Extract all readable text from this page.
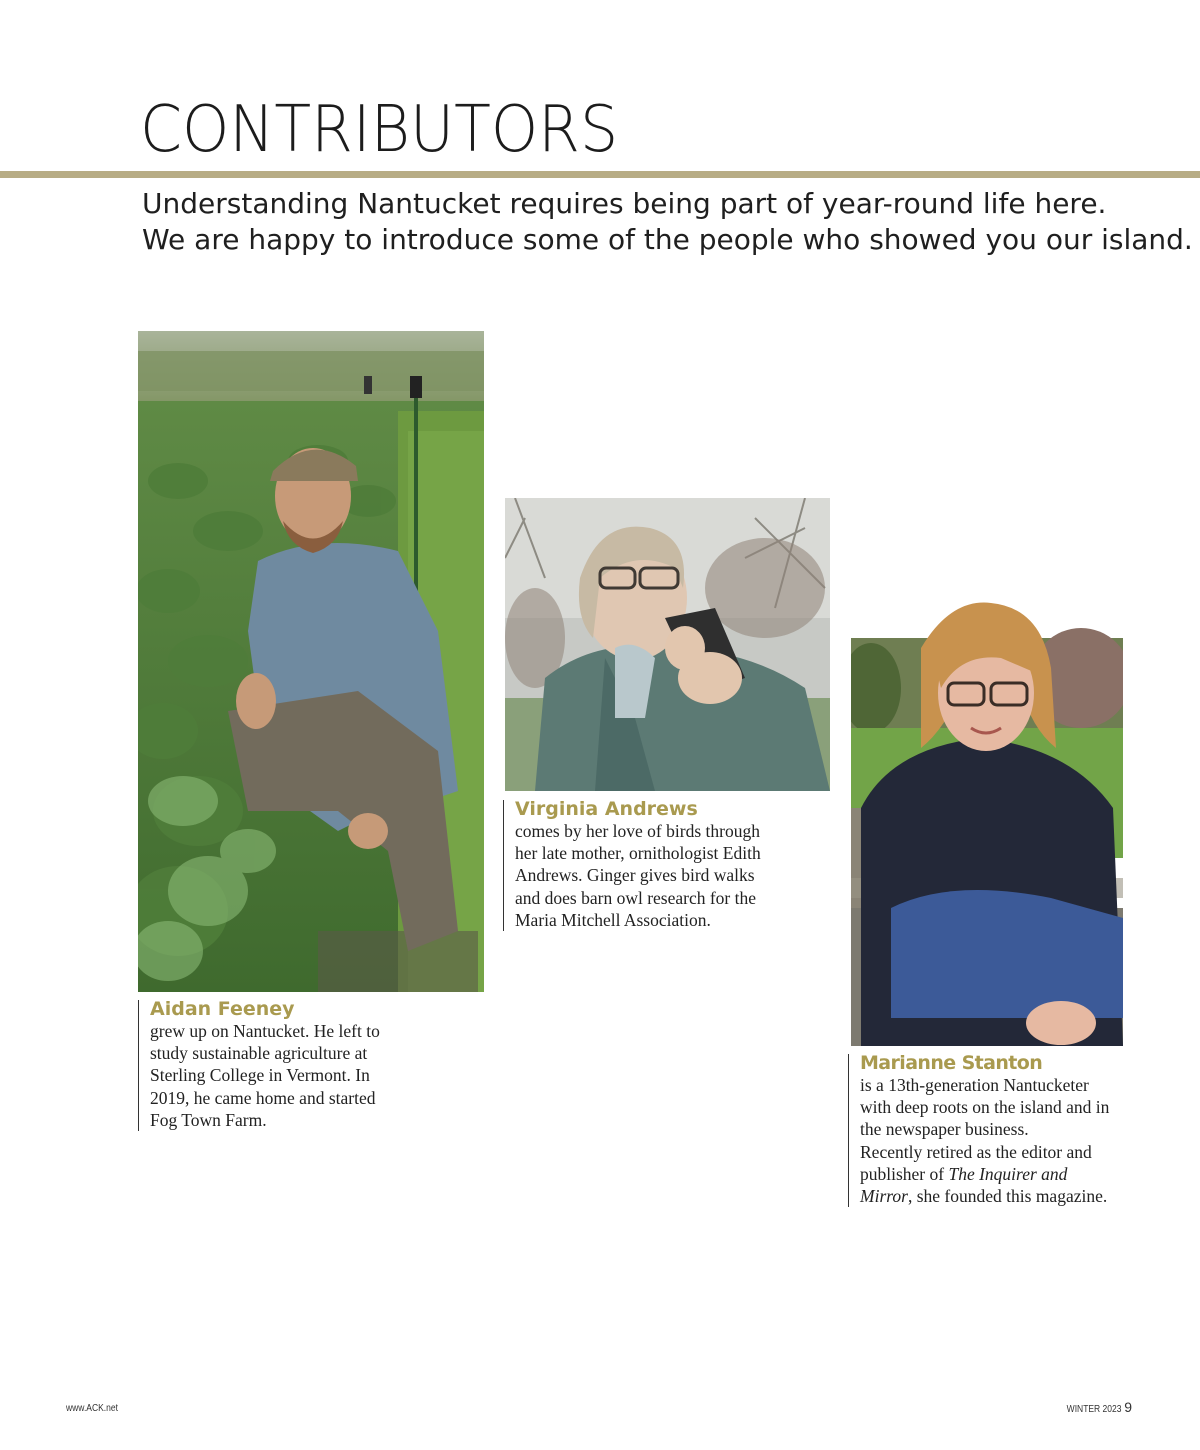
CONTRIBUTORS
Understanding Nantucket requires being part of year-round life here.
We are happy to introduce some of the people who showed you our island.
Aidan Feeney
grew up on Nantucket. He left to
study sustainable agriculture at
Sterling College in Vermont. In
2019, he came home and started
Fog Town Farm.
Virginia Andrews
comes by her love of birds through
her late mother, ornithologist Edith
Andrews. Ginger gives bird walks
and does barn owl research for the
Maria Mitchell Association.
Marianne Stanton
is a 13th-generation Nantucketer
with deep roots on the island and in
the newspaper business.
Recently retired as the editor and
publisher of The Inquirer and
Mirror, she founded this magazine.
www.ACK.net	WINTER 2023 9
